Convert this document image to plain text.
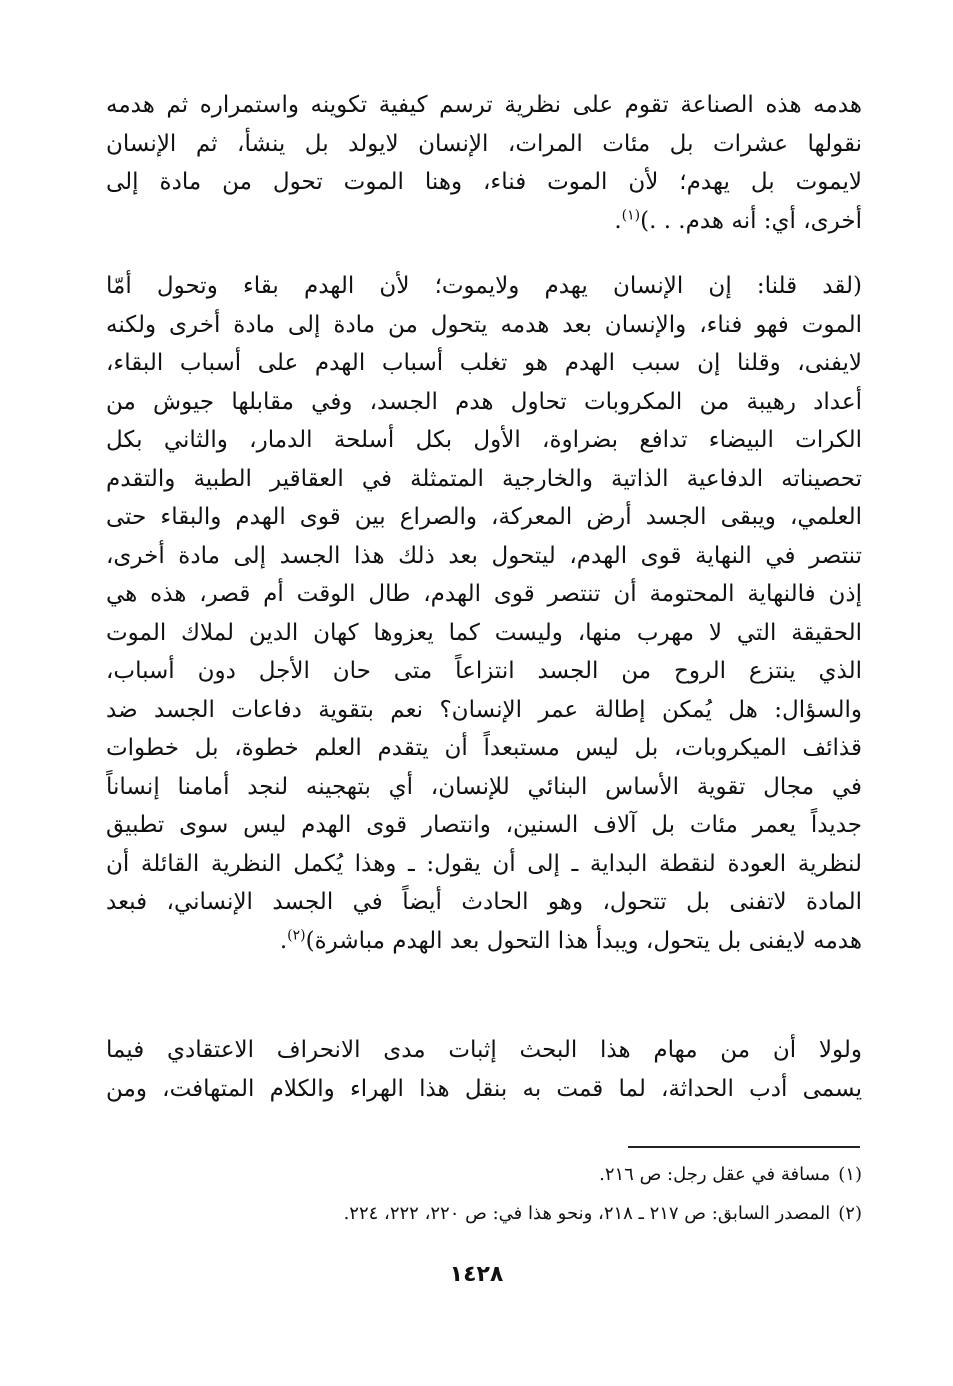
هدمه هذه الصناعة تقوم على نظرية ترسم كيفية تكوينه واستمراره ثم هدمه
نقولها عشرات بل مئات المرات، الإنسان لايولد بل ينشأ، ثم الإنسان
لايموت بل يهدم؛ لأن الموت فناء، وهنا الموت تحول من مادة إلى
أخرى، أي: أنه هدم. . .)$^{(١)}$.
(لقد قلنا: إن الإنسان يهدم ولايموت؛ لأن الهدم بقاء وتحول أمّا
الموت فهو فناء، والإنسان بعد هدمه يتحول من مادة إلى مادة أخرى ولكنه
لايفنى، وقلنا إن سبب الهدم هو تغلب أسباب الهدم على أسباب البقاء،
أعداد رهيبة من المكروبات تحاول هدم الجسد، وفي مقابلها جيوش من
الكرات البيضاء تدافع بضراوة، الأول بكل أسلحة الدمار، والثاني بكل
تحصيناته الدفاعية الذاتية والخارجية المتمثلة في العقاقير الطبية والتقدم
العلمي، ويبقى الجسد أرض المعركة، والصراع بين قوى الهدم والبقاء حتى
تنتصر في النهاية قوى الهدم، ليتحول بعد ذلك هذا الجسد إلى مادة أخرى،
إذن فالنهاية المحتومة أن تنتصر قوى الهدم، طال الوقت أم قصر، هذه هي
الحقيقة التي لا مهرب منها، وليست كما يعزوها كهان الدين لملاك الموت
الذي ينتزع الروح من الجسد انتزاعاً متى حان الأجل دون أسباب،
والسؤال: هل يُمكن إطالة عمر الإنسان؟ نعم بتقوية دفاعات الجسد ضد
قذائف الميكروبات، بل ليس مستبعداً أن يتقدم العلم خطوة، بل خطوات
في مجال تقوية الأساس البنائي للإنسان، أي بتهجينه لنجد أمامنا إنساناً
جديداً يعمر مئات بل آلاف السنين، وانتصار قوى الهدم ليس سوى تطبيق
لنظرية العودة لنقطة البداية ـ إلى أن يقول: ـ وهذا يُكمل النظرية القائلة أن
المادة لاتفنى بل تتحول، وهو الحادث أيضاً في الجسد الإنساني، فبعد
هدمه لايفنى بل يتحول، ويبدأ هذا التحول بعد الهدم مباشرة)$^{(٢)}$.
ولولا أن من مهام هذا البحث إثبات مدى الانحراف الاعتقادي فيما
يسمى أدب الحداثة، لما قمت به بنقل هذا الهراء والكلام المتهافت، ومن
(١)مسافة في عقل رجل: ص ٢١٦.
(٢)المصدر السابق: ص ٢١٧ ـ ٢١٨، ونحو هذا في: ص ٢٢٠، ٢٢٢، ٢٢٤.
١٤٢٨
